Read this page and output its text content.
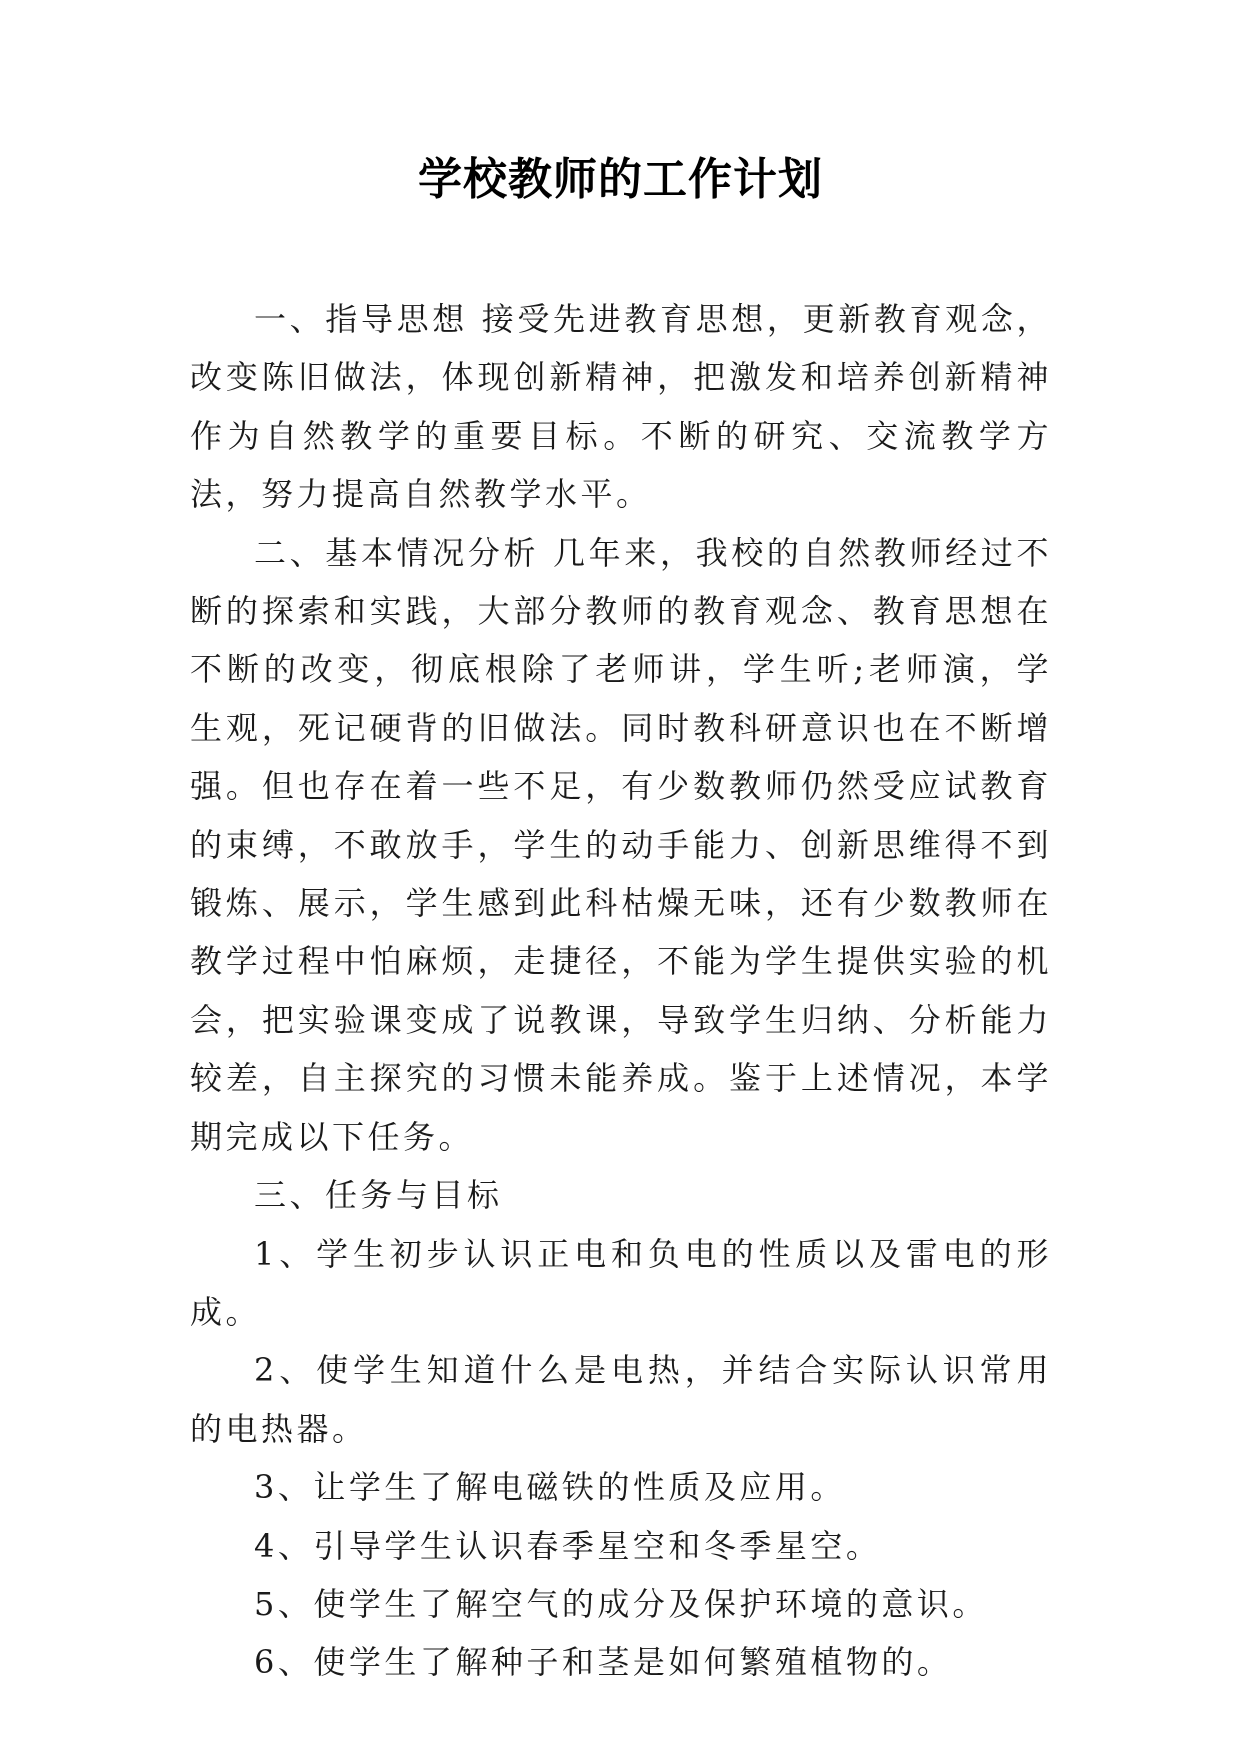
学校教师的工作计划

一、指导思想 接受先进教育思想，更新教育观念，改变陈旧做法，体现创新精神，把激发和培养创新精神作为自然教学的重要目标。不断的研究、交流教学方法，努力提高自然教学水平。

二、基本情况分析 几年来，我校的自然教师经过不断的探索和实践，大部分教师的教育观念、教育思想在不断的改变，彻底根除了老师讲，学生听;老师演，学生观，死记硬背的旧做法。同时教科研意识也在不断增强。但也存在着一些不足，有少数教师仍然受应试教育的束缚，不敢放手，学生的动手能力、创新思维得不到锻炼、展示，学生感到此科枯燥无味，还有少数教师在教学过程中怕麻烦，走捷径，不能为学生提供实验的机会，把实验课变成了说教课，导致学生归纳、分析能力较差，自主探究的习惯未能养成。鉴于上述情况，本学期完成以下任务。

三、任务与目标

1、学生初步认识正电和负电的性质以及雷电的形成。

2、使学生知道什么是电热，并结合实际认识常用的电热器。

3、让学生了解电磁铁的性质及应用。

4、引导学生认识春季星空和冬季星空。

5、使学生了解空气的成分及保护环境的意识。

6、使学生了解种子和茎是如何繁殖植物的。
